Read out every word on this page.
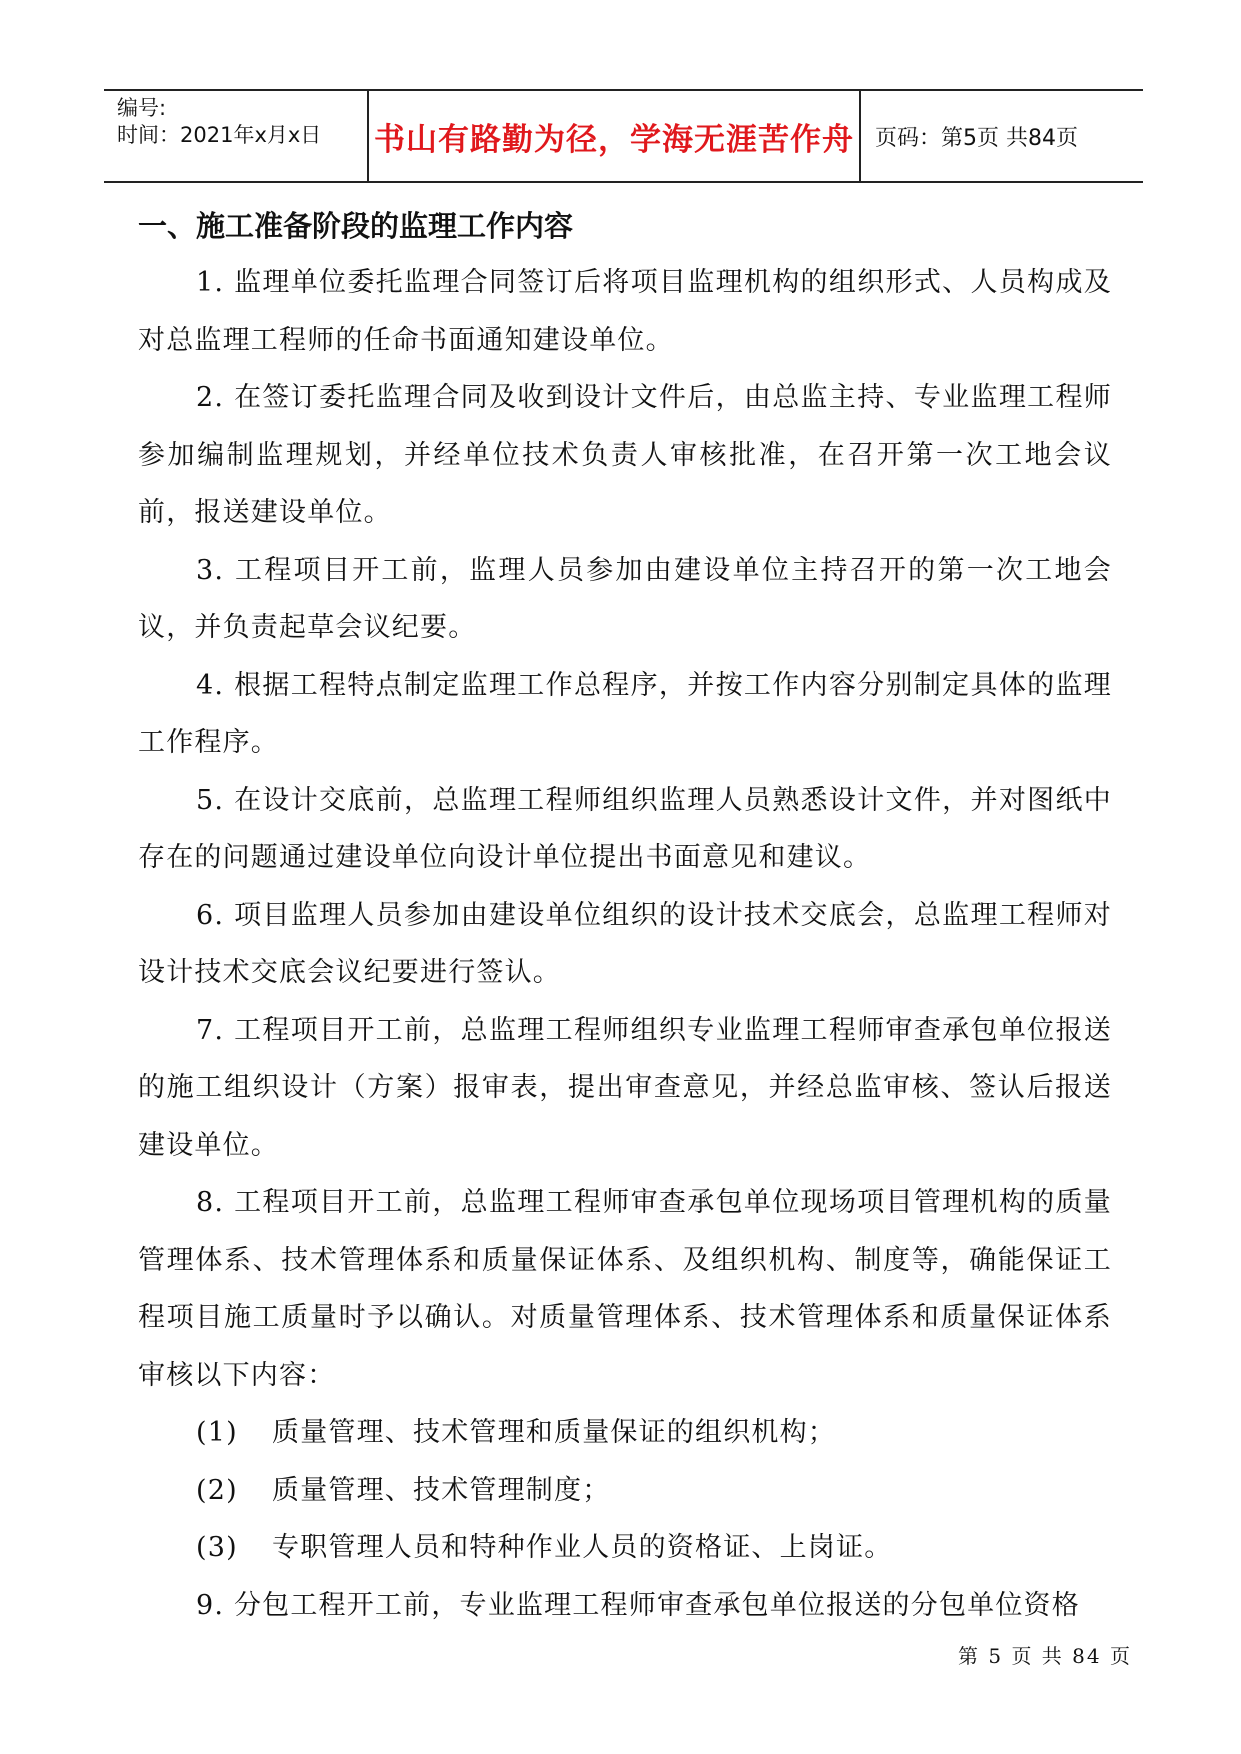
编号:
时间：2021年x月x日	书山有路勤为径，学海无涯苦作舟 页码：第5页 共84页

一、施工准备阶段的监理工作内容

1. 监理单位委托监理合同签订后将项目监理机构的组织形式、人员构成及对总监理工程师的任命书面通知建设单位。

2. 在签订委托监理合同及收到设计文件后，由总监主持、专业监理工程师参加编制监理规划，并经单位技术负责人审核批准，在召开第一次工地会议前，报送建设单位。

3. 工程项目开工前，监理人员参加由建设单位主持召开的第一次工地会议，并负责起草会议纪要。

4. 根据工程特点制定监理工作总程序，并按工作内容分别制定具体的监理工作程序。

5. 在设计交底前，总监理工程师组织监理人员熟悉设计文件，并对图纸中存在的问题通过建设单位向设计单位提出书面意见和建议。

6. 项目监理人员参加由建设单位组织的设计技术交底会，总监理工程师对设计技术交底会议纪要进行签认。

7. 工程项目开工前，总监理工程师组织专业监理工程师审查承包单位报送的施工组织设计（方案）报审表，提出审查意见，并经总监审核、签认后报送建设单位。

8. 工程项目开工前，总监理工程师审查承包单位现场项目管理机构的质量管理体系、技术管理体系和质量保证体系、及组织机构、制度等，确能保证工程项目施工质量时予以确认。对质量管理体系、技术管理体系和质量保证体系审核以下内容：

(1)	质量管理、技术管理和质量保证的组织机构；
(2)	质量管理、技术管理制度；
(3)	专职管理人员和特种作业人员的资格证、上岗证。

9. 分包工程开工前，专业监理工程师审查承包单位报送的分包单位资格

第 5 页 共 84 页
